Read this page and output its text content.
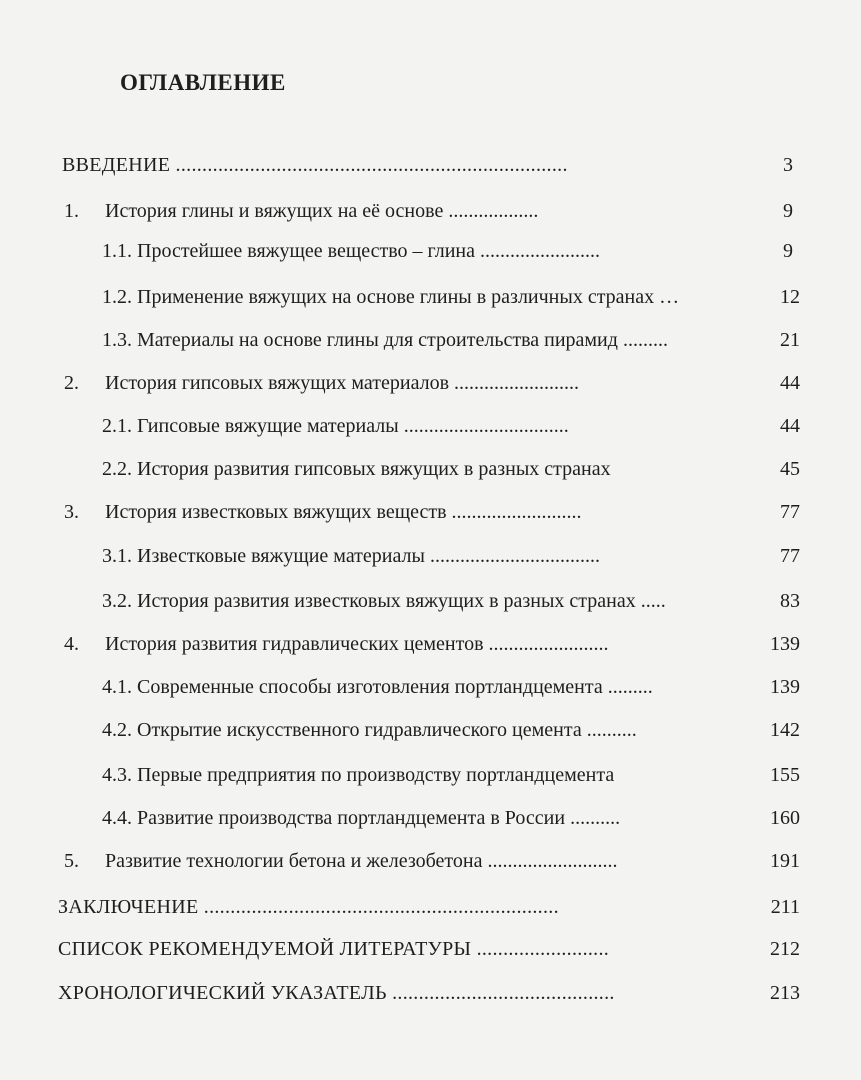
ОГЛАВЛЕНИЕ
ВВЕДЕНИЕ ..........................................................................	3
1. История глины и вяжущих на её основе ..................	9
1.1. Простейшее вяжущее вещество – глина ........................	9
1.2. Применение вяжущих на основе глины в различных странах …	12
1.3. Материалы на основе глины для строительства пирамид .........	21
2. История гипсовых вяжущих материалов .........................	44
2.1. Гипсовые вяжущие материалы .................................	44
2.2. История развития гипсовых вяжущих в разных странах	45
3. История известковых вяжущих веществ ..........................	77
3.1. Известковые вяжущие материалы ..................................	77
3.2. История развития известковых вяжущих в разных странах .....	83
4. История развития гидравлических цементов ........................	139
4.1. Современные способы изготовления портландцемента .........	139
4.2. Открытие искусственного гидравлического цемента ..........	142
4.3. Первые предприятия по производству портландцемента	155
4.4. Развитие производства портландцемента в России ..........	160
5. Развитие технологии бетона и железобетона ..........................	191
ЗАКЛЮЧЕНИЕ ...................................................................	211
СПИСОК РЕКОМЕНДУЕМОЙ ЛИТЕРАТУРЫ .........................	212
ХРОНОЛОГИЧЕСКИЙ УКАЗАТЕЛЬ ..........................................	213
